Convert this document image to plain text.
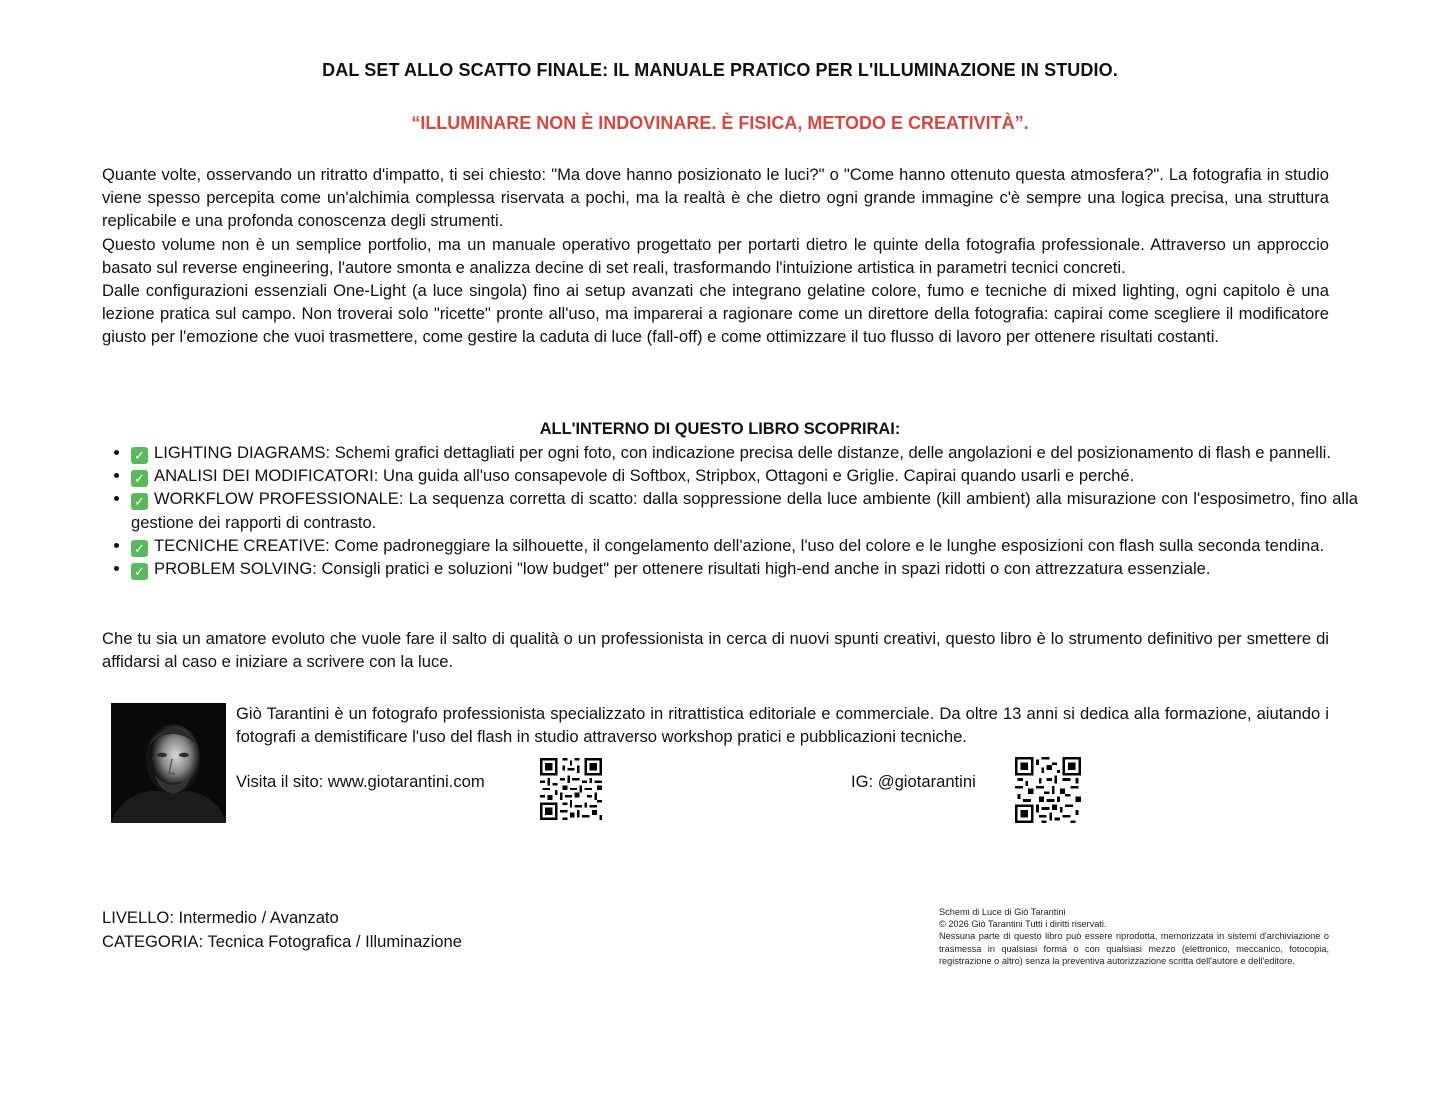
DAL SET ALLO SCATTO FINALE: IL MANUALE PRATICO PER L'ILLUMINAZIONE IN STUDIO.
“ILLUMINARE NON È INDOVINARE. È FISICA, METODO E CREATIVITÀ”.

Quante volte, osservando un ritratto d'impatto, ti sei chiesto: "Ma dove hanno posizionato le luci?" o "Come hanno ottenuto questa atmosfera?". La fotografia in studio viene spesso percepita come un'alchimia complessa riservata a pochi, ma la realtà è che dietro ogni grande immagine c'è sempre una logica precisa, una struttura replicabile e una profonda conoscenza degli strumenti.

Questo volume non è un semplice portfolio, ma un manuale operativo progettato per portarti dietro le quinte della fotografia professionale. Attraverso un approccio basato sul reverse engineering, l'autore smonta e analizza decine di set reali, trasformando l'intuizione artistica in parametri tecnici concreti.

Dalle configurazioni essenziali One-Light (a luce singola) fino ai setup avanzati che integrano gelatine colore, fumo e tecniche di mixed lighting, ogni capitolo è una lezione pratica sul campo. Non troverai solo "ricette" pronte all'uso, ma imparerai a ragionare come un direttore della fotografia: capirai come scegliere il modificatore giusto per l'emozione che vuoi trasmettere, come gestire la caduta di luce (fall-off) e come ottimizzare il tuo flusso di lavoro per ottenere risultati costanti.

ALL'INTERNO DI QUESTO LIBRO SCOPRIRAI:
• ✓ LIGHTING DIAGRAMS: Schemi grafici dettagliati per ogni foto, con indicazione precisa delle distanze, delle angolazioni e del posizionamento di flash e pannelli.
• ✓ ANALISI DEI MODIFICATORI: Una guida all'uso consapevole di Softbox, Stripbox, Ottagoni e Griglie. Capirai quando usarli e perché.
• ✓ WORKFLOW PROFESSIONALE: La sequenza corretta di scatto: dalla soppressione della luce ambiente (kill ambient) alla misurazione con l'esposimetro, fino alla gestione dei rapporti di contrasto.
• ✓ TECNICHE CREATIVE: Come padroneggiare la silhouette, il congelamento dell'azione, l'uso del colore e le lunghe esposizioni con flash sulla seconda tendina.
• ✓ PROBLEM SOLVING: Consigli pratici e soluzioni "low budget" per ottenere risultati high-end anche in spazi ridotti o con attrezzatura essenziale.
Che tu sia un amatore evoluto che vuole fare il salto di qualità o un professionista in cerca di nuovi spunti creativi, questo libro è lo strumento definitivo per smettere di affidarsi al caso e iniziare a scrivere con la luce.
Giò Tarantini è un fotografo professionista specializzato in ritrattistica editoriale e commerciale. Da oltre 13 anni si dedica alla formazione, aiutando i fotografi a demistificare l'uso del flash in studio attraverso workshop pratici e pubblicazioni tecniche.
Visita il sito: www.giotarantini.com	IG: @giotarantini
LIVELLO: Intermedio / Avanzato
CATEGORIA: Tecnica Fotografica / Illuminazione

Schemi di Luce di Giò Tarantini

© 2026 Giò Tarantini Tutti i diritti riservati.

Nessuna parte di questo libro può essere riprodotta, memorizzata in sistemi d'archiviazione o trasmessa in qualsiasi forma o con qualsiasi mezzo (elettronico, meccanico, fotocopia, registrazione o altro) senza la preventiva autorizzazione scritta dell'autore e dell'editore.
